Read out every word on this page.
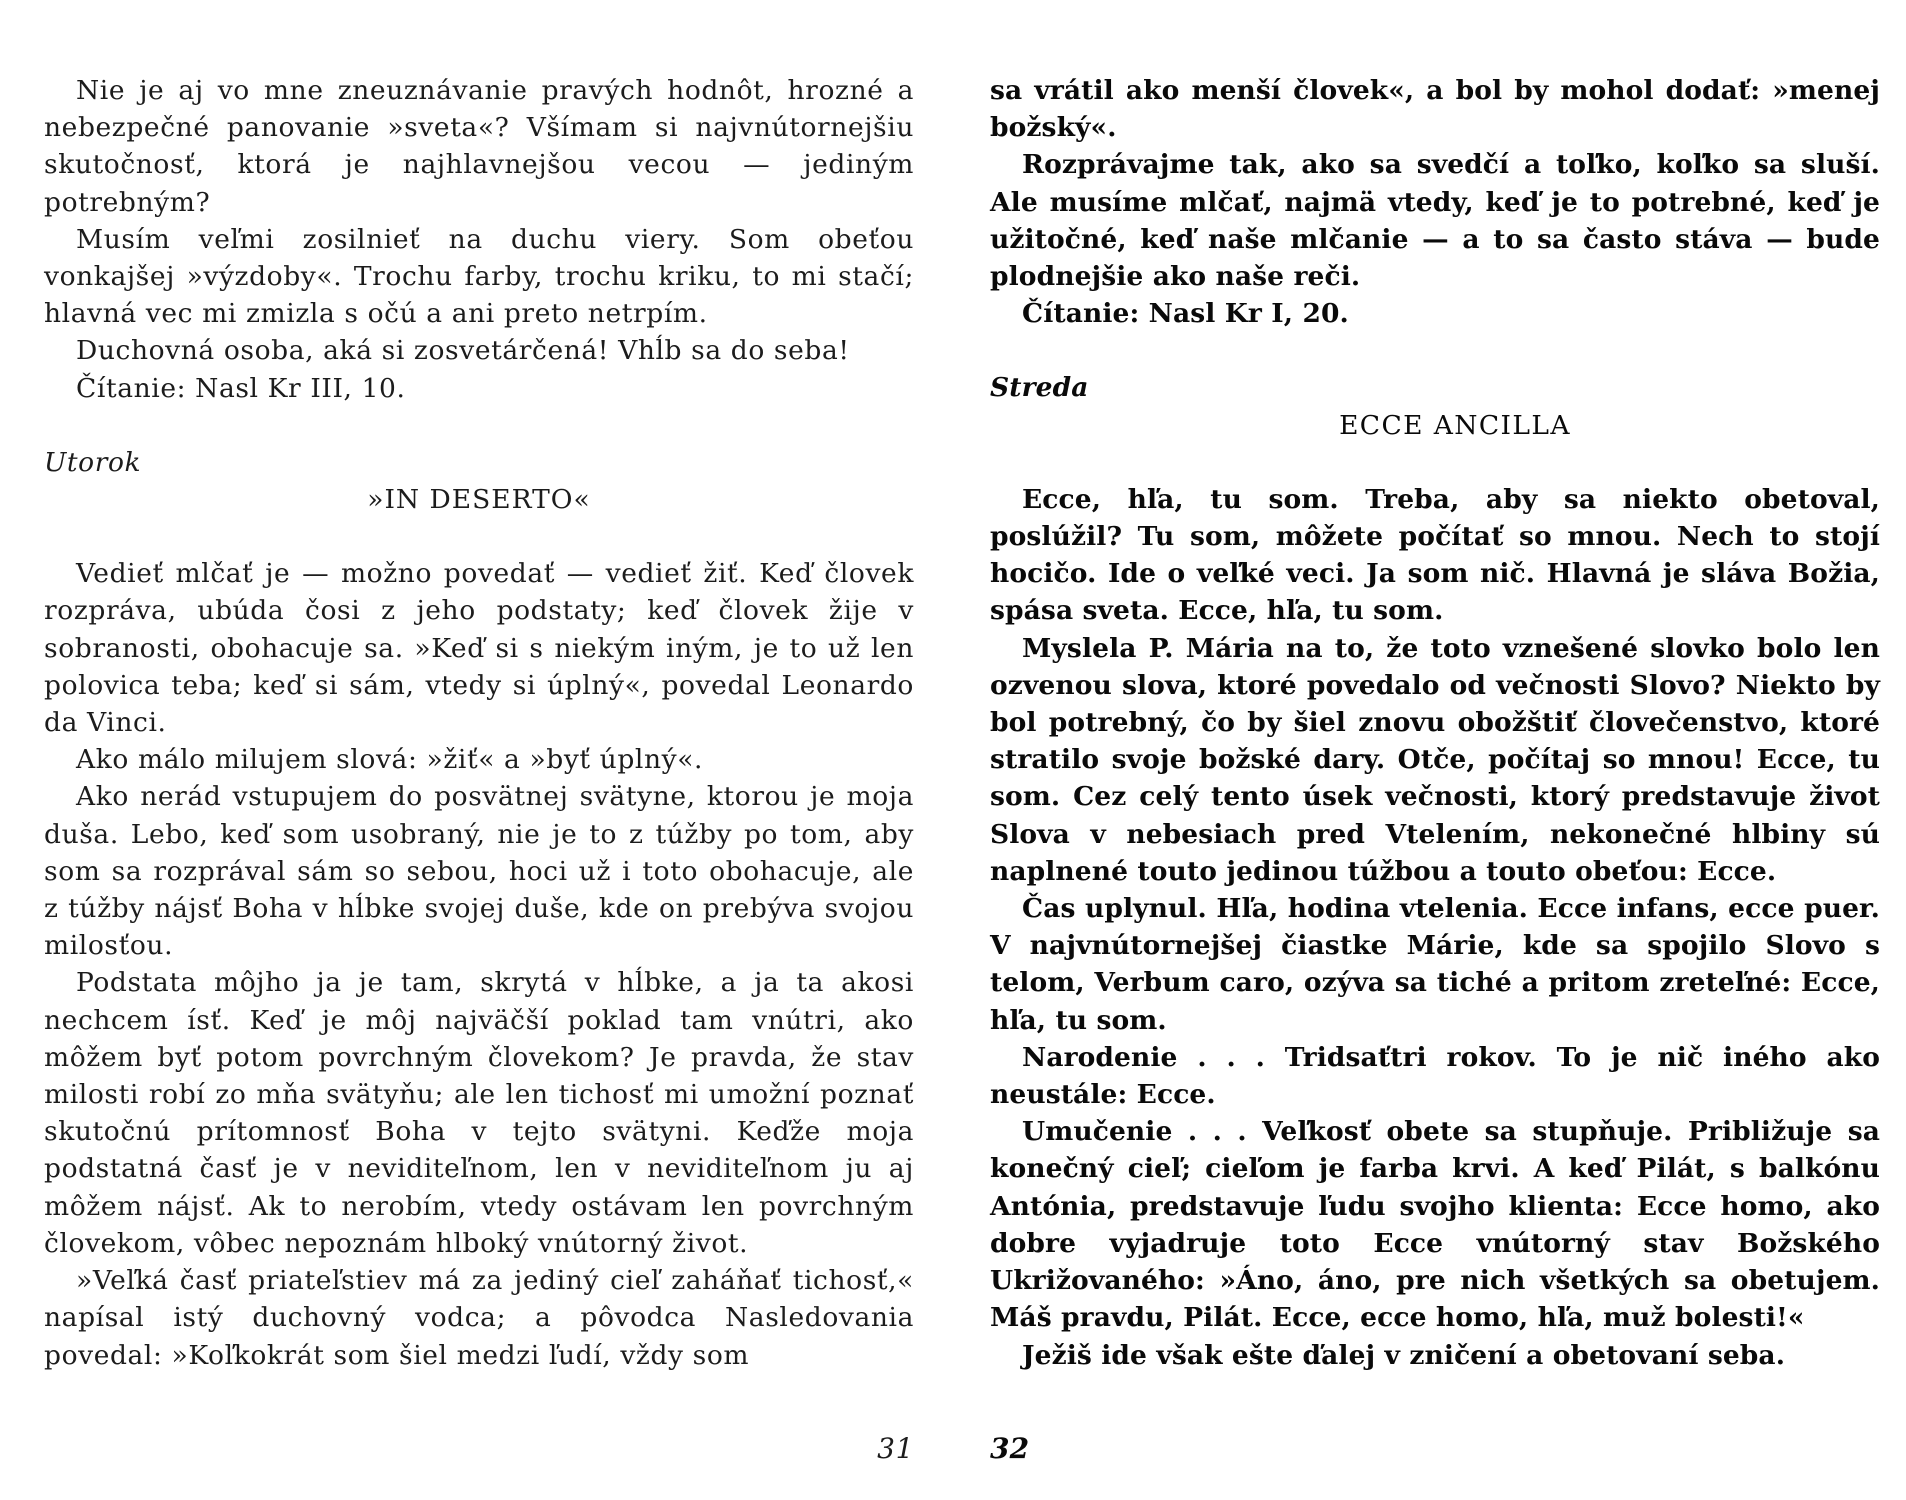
Nie je aj vo mne zneuznávanie pravých hodnôt, hrozné a nebezpečné panovanie »sveta«? Všímam si najvnútornejšiu skutočnosť, ktorá je najhlavnejšou vecou — jediným potrebným?

Musím veľmi zosilnieť na duchu viery. Som obeťou vonkajšej »výzdoby«. Trochu farby, trochu kriku, to mi stačí; hlavná vec mi zmizla s očú a ani preto netrpím.

Duchovná osoba, aká si zosvetárčená! Vhĺb sa do seba!

Čítanie: Nasl Kr III, 10.

Utorok

»IN DESERTO«

Vedieť mlčať je — možno povedať — vedieť žiť. Keď človek rozpráva, ubúda čosi z jeho podstaty; keď človek žije v sobranosti, obohacuje sa. »Keď si s niekým iným, je to už len polovica teba; keď si sám, vtedy si úplný«, povedal Leonardo da Vinci.

Ako málo milujem slová: »žiť« a »byť úplný«.

Ako nerád vstupujem do posvätnej svätyne, ktorou je moja duša. Lebo, keď som usobraný, nie je to z túžby po tom, aby som sa rozprával sám so sebou, hoci už i toto obohacuje, ale z túžby nájsť Boha v hĺbke svojej duše, kde on prebýva svojou milosťou.

Podstata môjho ja je tam, skrytá v hĺbke, a ja ta akosi nechcem ísť. Keď je môj najväčší poklad tam vnútri, ako môžem byť potom povrchným človekom? Je pravda, že stav milosti robí zo mňa svätyňu; ale len tichosť mi umožní poznať skutočnú prítomnosť Boha v tejto svätyni. Keďže moja podstatná časť je v neviditeľnom, len v neviditeľnom ju aj môžem nájsť. Ak to nerobím, vtedy ostávam len povrchným človekom, vôbec nepoznám hlboký vnútorný život.

»Veľká časť priateľstiev má za jediný cieľ zaháňať tichosť,« napísal istý duchovný vodca; a pôvodca Nasledovania povedal: »Koľkokrát som šiel medzi ľudí, vždy som

31

sa vrátil ako menší človek«, a bol by mohol dodať: »menej božský«.

Rozprávajme tak, ako sa svedčí a toľko, koľko sa sluší. Ale musíme mlčať, najmä vtedy, keď je to potrebné, keď je užitočné, keď naše mlčanie — a to sa často stáva — bude plodnejšie ako naše reči.

Čítanie: Nasl Kr I, 20.

Streda

ECCE ANCILLA

Ecce, hľa, tu som. Treba, aby sa niekto obetoval, poslúžil? Tu som, môžete počítať so mnou. Nech to stojí hocičo. Ide o veľké veci. Ja som nič. Hlavná je sláva Božia, spása sveta. Ecce, hľa, tu som.

Myslela P. Mária na to, že toto vznešené slovko bolo len ozvenou slova, ktoré povedalo od večnosti Slovo? Niekto by bol potrebný, čo by šiel znovu obožštiť človečenstvo, ktoré stratilo svoje božské dary. Otče, počítaj so mnou! Ecce, tu som. Cez celý tento úsek večnosti, ktorý predstavuje život Slova v nebesiach pred Vtelením, nekonečné hlbiny sú naplnené touto jedinou túžbou a touto obeťou: Ecce.

Čas uplynul. Hľa, hodina vtelenia. Ecce infans, ecce puer. V najvnútornejšej čiastke Márie, kde sa spojilo Slovo s telom, Verbum caro, ozýva sa tiché a pritom zreteľné: Ecce, hľa, tu som.

Narodenie . . . Tridsaťtri rokov. To je nič iného ako neustále: Ecce.

Umučenie . . . Veľkosť obete sa stupňuje. Približuje sa konečný cieľ; cieľom je farba krvi. A keď Pilát, s balkónu Antónia, predstavuje ľudu svojho klienta: Ecce homo, ako dobre vyjadruje toto Ecce vnútorný stav Božského Ukrižovaného: »Áno, áno, pre nich všetkých sa obetujem. Máš pravdu, Pilát. Ecce, ecce homo, hľa, muž bolesti!«

Ježiš ide však ešte ďalej v zničení a obetovaní seba.

32
